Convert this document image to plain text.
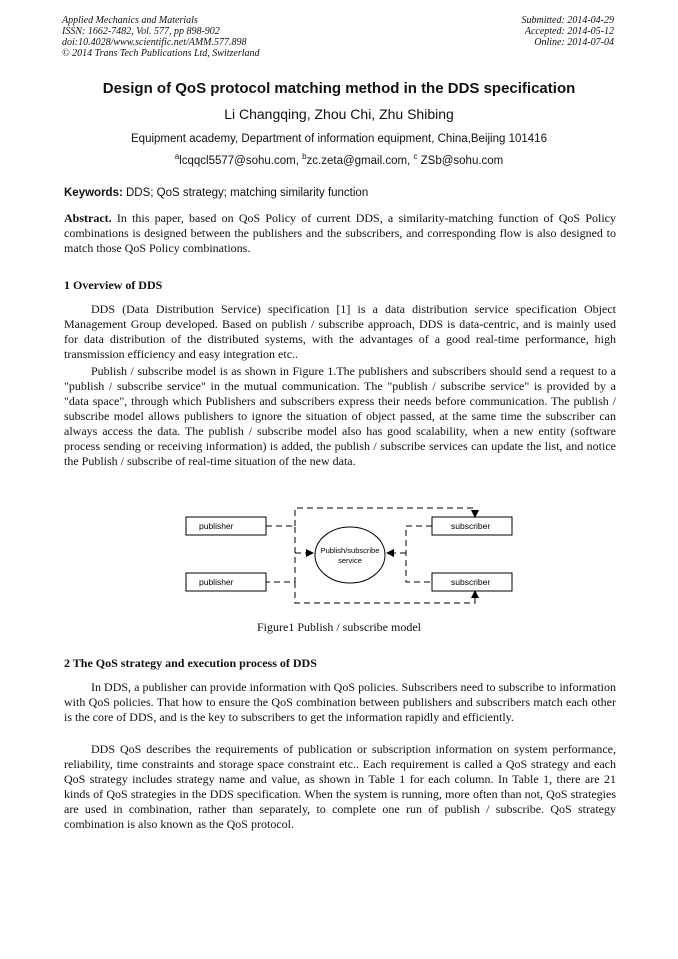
Applied Mechanics and Materials
ISSN: 1662-7482, Vol. 577, pp 898-902
doi:10.4028/www.scientific.net/AMM.577.898
© 2014 Trans Tech Publications Ltd, Switzerland
Submitted: 2014-04-29
Accepted: 2014-05-12
Online: 2014-07-04
Design of QoS protocol matching method in the DDS specification
Li Changqing, Zhou Chi, Zhu Shibing
Equipment academy, Department of information equipment, China,Beijing 101416
$^a$lcqqcl5577@sohu.com, $^b$zc.zeta@gmail.com, $^c$ ZSb@sohu.com
Keywords: DDS; QoS strategy; matching similarity function
Abstract. In this paper, based on QoS Policy of current DDS, a similarity-matching function of QoS Policy combinations is designed between the publishers and the subscribers, and corresponding flow is also designed to match those QoS Policy combinations.
1 Overview of DDS
DDS (Data Distribution Service) specification [1] is a data distribution service specification Object Management Group developed. Based on publish / subscribe approach, DDS is data-centric, and is mainly used for data distribution of the distributed systems, with the advantages of a good real-time performance, high transmission efficiency and easy integration etc..
Publish / subscribe model is as shown in Figure 1.The publishers and subscribers should send a request to a "publish / subscribe service" in the mutual communication. The "publish / subscribe service" is provided by a "data space", through which Publishers and subscribers express their needs before communication. The publish / subscribe model allows publishers to ignore the situation of object passed, at the same time the subscriber can always access the data. The publish / subscribe model also has good scalability, when a new entity (software process sending or receiving information) is added, the publish / subscribe services can update the list, and notice the Publish / subscribe of real-time situation of the new data.
publisher
publisher
subscriber
subscriber
Publish/subscribe
service
Figure1 Publish / subscribe model
2 The QoS strategy and execution process of DDS
In DDS, a publisher can provide information with QoS policies. Subscribers need to subscribe to information with QoS policies. That how to ensure the QoS combination between publishers and subscribers match each other is the core of DDS, and is the key to subscribers to get the information rapidly and efficiently.
DDS QoS describes the requirements of publication or subscription information on system performance, reliability, time constraints and storage space constraint etc.. Each requirement is called a QoS strategy and each QoS strategy includes strategy name and value, as shown in Table 1 for each column. In Table 1, there are 21 kinds of QoS strategies in the DDS specification. When the system is running, more often than not, QoS strategies are used in combination, rather than separately, to complete one run of publish / subscribe. QoS strategy combination is also known as the QoS protocol.
